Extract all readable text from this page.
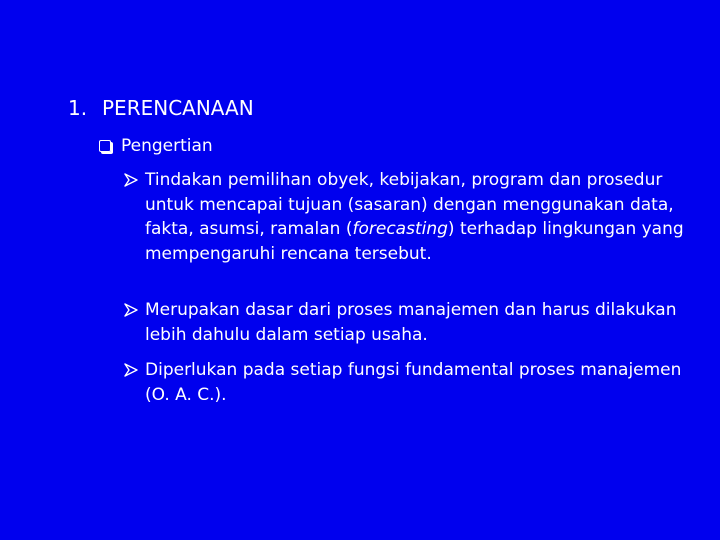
1. PERENCANAAN
Pengertian
Tindakan pemilihan obyek, kebijakan, program dan prosedur untuk mencapai tujuan (sasaran) dengan menggunakan data, fakta, asumsi, ramalan (forecasting) terhadap lingkungan yang mempengaruhi rencana tersebut.
Merupakan dasar dari proses manajemen dan harus dilakukan lebih dahulu dalam setiap usaha.
Diperlukan pada setiap fungsi fundamental proses manajemen (O. A. C.).
